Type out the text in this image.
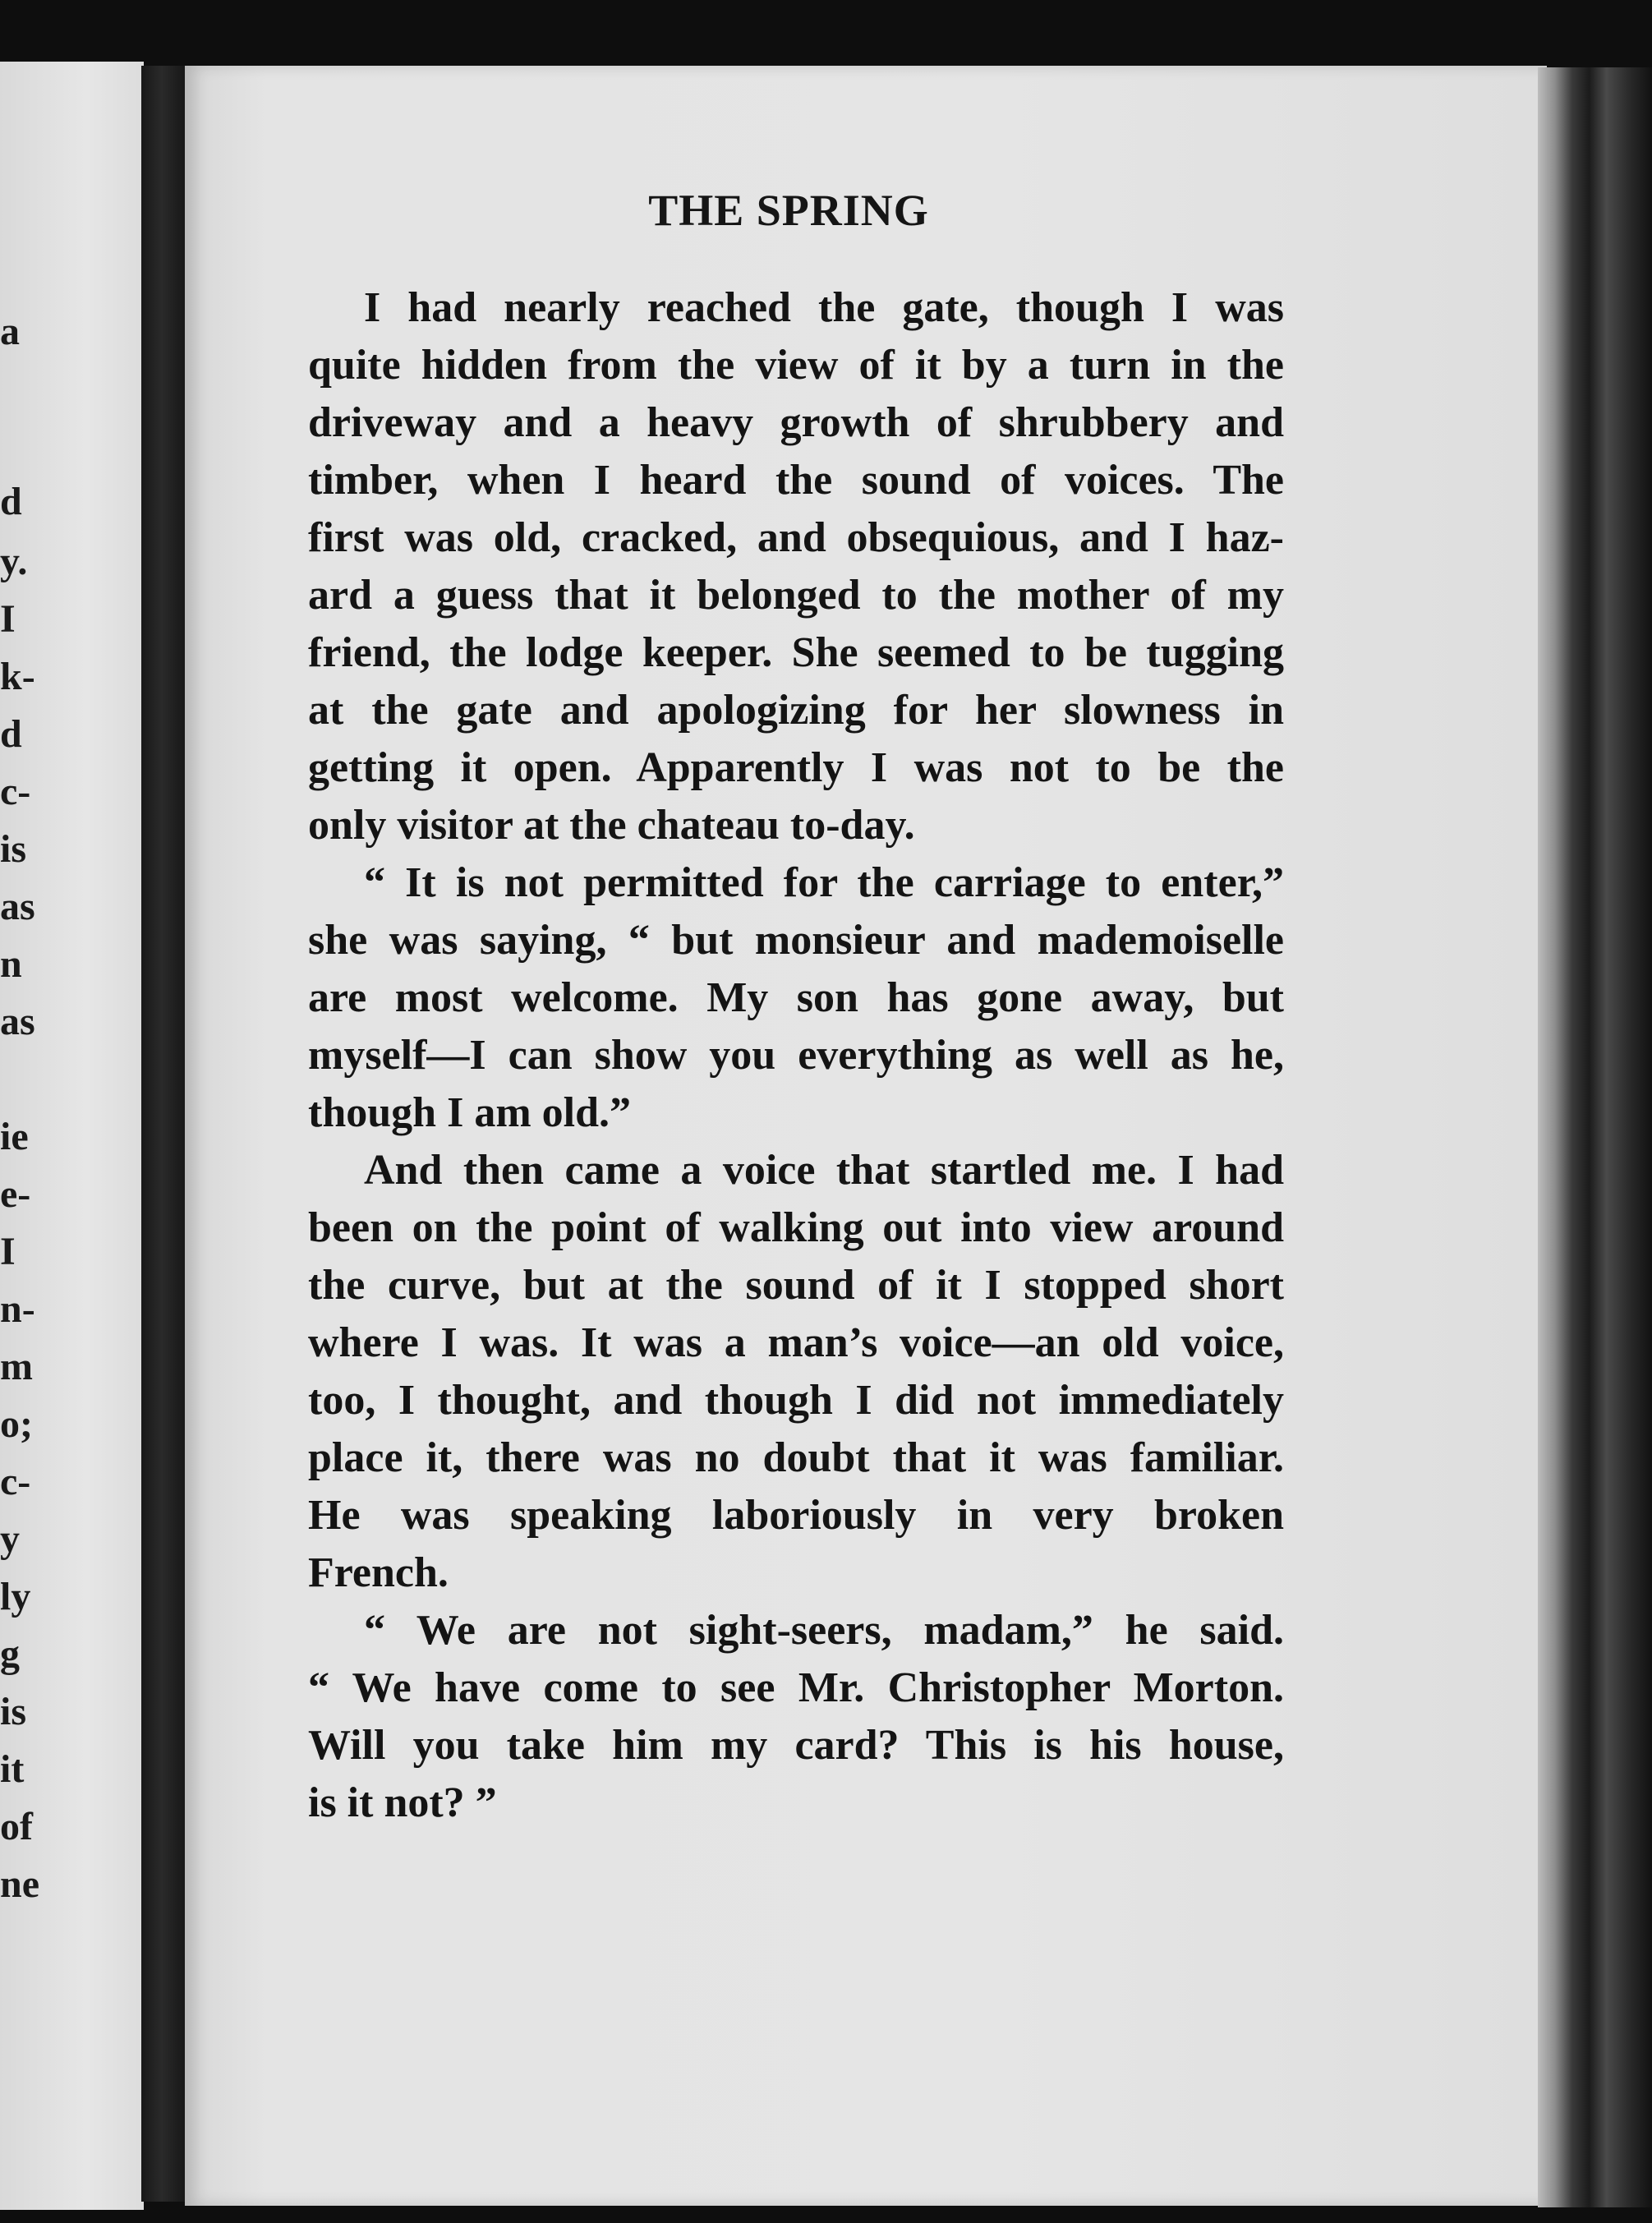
a
d
y.
I
k-
d
c-
is
as
n
as
ie
e-
I
n-
m
o;
c-
y
ly
g
is
it
of
ne
THE SPRING
I had nearly reached the gate, though I was
quite hidden from the view of it by a turn in the
driveway and a heavy growth of shrubbery and
timber, when I heard the sound of voices. The
first was old, cracked, and obsequious, and I haz-
ard a guess that it belonged to the mother of my
friend, the lodge keeper. She seemed to be tugging
at the gate and apologizing for her slowness in
getting it open. Apparently I was not to be the
only visitor at the chateau to-day.
“ It is not permitted for the carriage to enter,”
she was saying, “ but monsieur and mademoiselle
are most welcome. My son has gone away, but
myself—I can show you everything as well as he,
though I am old.”
And then came a voice that startled me. I had
been on the point of walking out into view around
the curve, but at the sound of it I stopped short
where I was. It was a man’s voice—an old voice,
too, I thought, and though I did not immediately
place it, there was no doubt that it was familiar.
He was speaking laboriously in very broken
French.
“ We are not sight-seers, madam,” he said.
“ We have come to see Mr. Christopher Morton.
Will you take him my card? This is his house,
is it not? ”
